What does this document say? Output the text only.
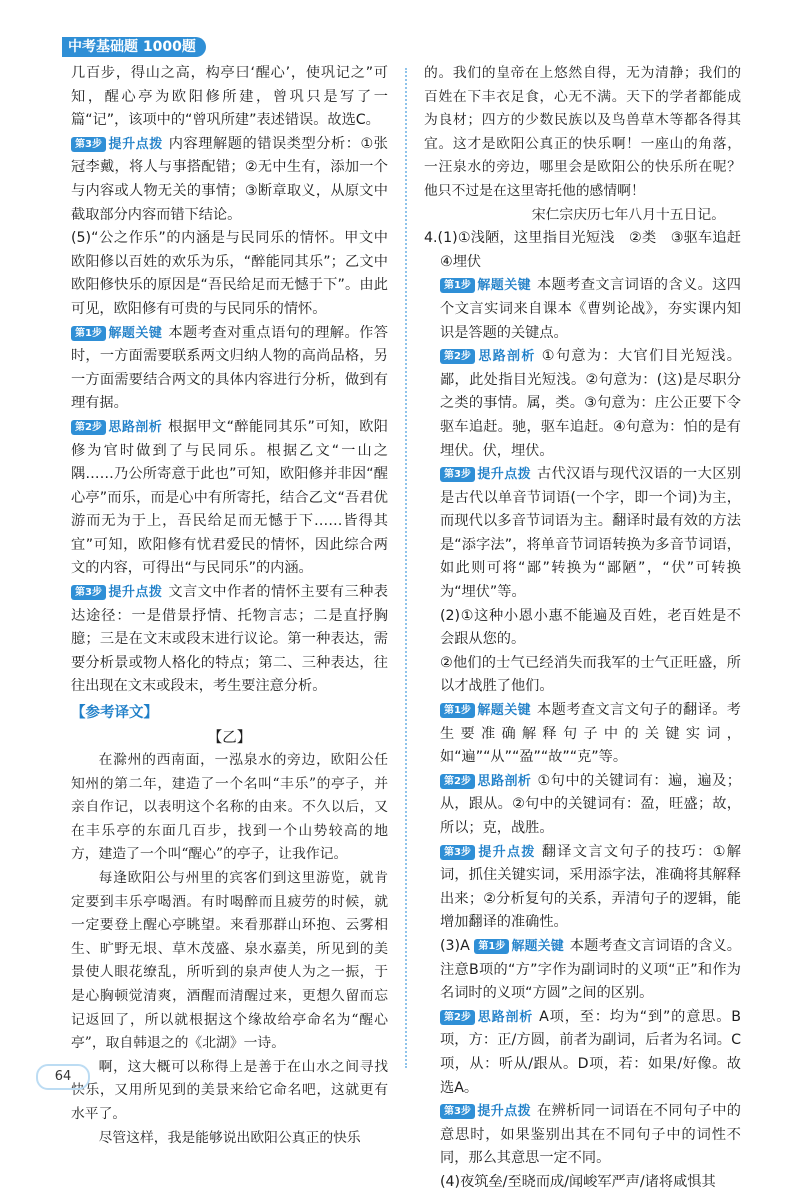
中考基础题 1000题

几百步，得山之高，构亭曰‘醒心’，使巩记之”可知，醒心亭为欧阳修所建，曾巩只是写了一篇“记”，该项中的“曾巩所建”表述错误。故选C。

第3步 提升点拨 内容理解题的错误类型分析：①张冠李戴，将人与事搭配错；②无中生有，添加一个与内容或人物无关的事情；③断章取义，从原文中截取部分内容而错下结论。

(5)“公之作乐”的内涵是与民同乐的情怀。甲文中欧阳修以百姓的欢乐为乐，“醉能同其乐”；乙文中欧阳修快乐的原因是“吾民给足而无憾于下”。由此可见，欧阳修有可贵的与民同乐的情怀。

第1步 解题关键 本题考查对重点语句的理解。作答时，一方面需要联系两文归纳人物的高尚品格，另一方面需要结合两文的具体内容进行分析，做到有理有据。

第2步 思路剖析 根据甲文“醉能同其乐”可知，欧阳修为官时做到了与民同乐。根据乙文“一山之隅……乃公所寄意于此也”可知，欧阳修并非因“醒心亭”而乐，而是心中有所寄托，结合乙文“吾君优游而无为于上，吾民给足而无憾于下……皆得其宜”可知，欧阳修有忧君爱民的情怀，因此综合两文的内容，可得出“与民同乐”的内涵。

第3步 提升点拨 文言文中作者的情怀主要有三种表达途径：一是借景抒情、托物言志；二是直抒胸臆；三是在文末或段末进行议论。第一种表达，需要分析景或物人格化的特点；第二、三种表达，往往出现在文末或段末，考生要注意分析。

【参考译文】
【乙】

在滁州的西南面，一泓泉水的旁边，欧阳公任知州的第二年，建造了一个名叫“丰乐”的亭子，并亲自作记，以表明这个名称的由来。不久以后，又在丰乐亭的东面几百步，找到一个山势较高的地方，建造了一个叫“醒心”的亭子，让我作记。

每逢欧阳公与州里的宾客们到这里游览，就肯定要到丰乐亭喝酒。有时喝醉而且疲劳的时候，就一定要登上醒心亭眺望。来看那群山环抱、云雾相生、旷野无垠、草木茂盛、泉水嘉美，所见到的美景使人眼花缭乱，所听到的泉声使人为之一振，于是心胸顿觉清爽，酒醒而清醒过来，更想久留而忘记返回了，所以就根据这个缘故给亭命名为“醒心亭”，取自韩退之的《北湖》一诗。

啊，这大概可以称得上是善于在山水之间寻找快乐，又用所见到的美景来给它命名吧，这就更有水平了。

尽管这样，我是能够说出欧阳公真正的快乐

的。我们的皇帝在上悠然自得，无为清静；我们的百姓在下丰衣足食，心无不满。天下的学者都能成为良材；四方的少数民族以及鸟兽草木等都各得其宜。这才是欧阳公真正的快乐啊！一座山的角落，一汪泉水的旁边，哪里会是欧阳公的快乐所在呢？他只不过是在这里寄托他的感情啊！

宋仁宗庆历七年八月十五日记。

4.(1)①浅陋，这里指目光短浅　②类　③驱车追赶　④埋伏

第1步 解题关键 本题考查文言词语的含义。这四个文言实词来自课本《曹刿论战》，夯实课内知识是答题的关键点。

第2步 思路剖析 ①句意为：大官们目光短浅。鄙，此处指目光短浅。②句意为：(这)是尽职分之类的事情。属，类。③句意为：庄公正要下令驱车追赶。驰，驱车追赶。④句意为：怕的是有埋伏。伏，埋伏。

第3步 提升点拨 古代汉语与现代汉语的一大区别是古代以单音节词语(一个字，即一个词)为主，而现代以多音节词语为主。翻译时最有效的方法是“添字法”，将单音节词语转换为多音节词语，如此则可将“鄙”转换为“鄙陋”，“伏”可转换为“埋伏”等。

(2)①这种小恩小惠不能遍及百姓，老百姓是不会跟从您的。

②他们的士气已经消失而我军的士气正旺盛，所以才战胜了他们。

第1步 解题关键 本题考查文言文句子的翻译。考生要准确解释句子中的关键实词，如“遍”“从”“盈”“故”“克”等。

第2步 思路剖析 ①句中的关键词有：遍，遍及；从，跟从。②句中的关键词有：盈，旺盛；故，所以；克，战胜。

第3步 提升点拨 翻译文言文句子的技巧：①解词，抓住关键实词，采用添字法，准确将其解释出来；②分析复句的关系，弄清句子的逻辑，能增加翻译的准确性。

(3)A 第1步 解题关键 本题考查文言词语的含义。注意B项的“方”字作为副词时的义项“正”和作为名词时的义项“方圆”之间的区别。

第2步 思路剖析 A项，至：均为“到”的意思。B项，方：正/方圆，前者为副词，后者为名词。C项，从：听从/跟从。D项，若：如果/好像。故选A。

第3步 提升点拨 在辨析同一词语在不同句子中的意思时，如果鉴别出其在不同句子中的词性不同，那么其意思一定不同。

(4)夜筑垒/至晓而成/闻峻军严声/诸将咸惧其

64
